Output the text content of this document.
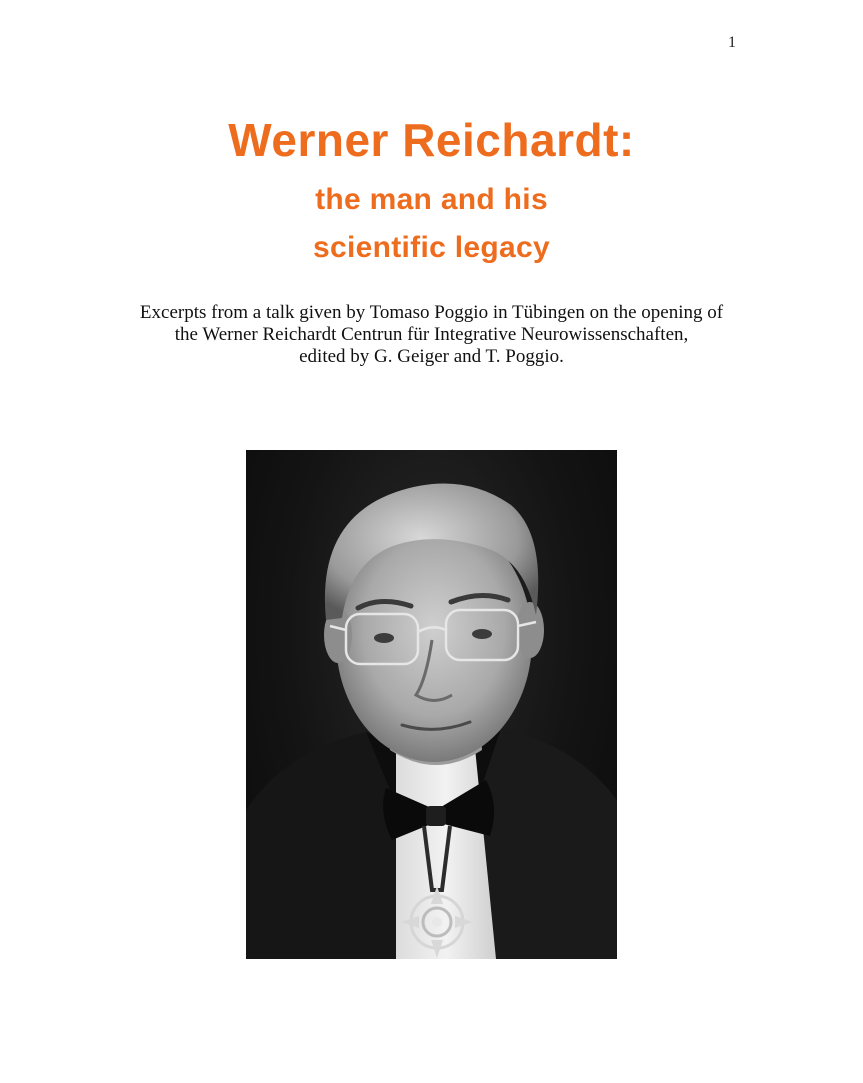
1
Werner Reichardt:
the man and his
scientific legacy
Excerpts from a talk given by Tomaso Poggio in Tübingen on the opening of
the Werner Reichardt Centrun für Integrative Neurowissenschaften,
edited by G. Geiger and T. Poggio.
